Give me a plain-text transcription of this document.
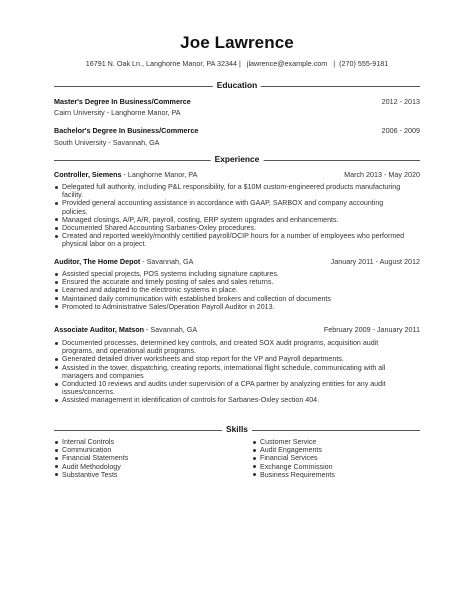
Joe Lawrence
16791 N. Oak Ln., Langhorne Manor, PA 32344 |   jlawrence@example.com   |  (270) 555-9181
Education
Master's Degree In Business/Commerce	2012 - 2013
Cairn University - Langhorne Manor, PA
Bachelor's Degree In Business/Commerce	2006 - 2009
South University - Savannah, GA
Experience
Controller, Siemens - Langhorne Manor, PA	March 2013 - May 2020
Delegated full authority, including P&L responsibility, for a $10M custom-engineered products manufacturing facility.
Provided general accounting assistance in accordance with GAAP, SARBOX and company accounting policies.
Managed closings, A/P, A/R, payroll, costing, ERP system upgrades and enhancements.
Documented Shared Accounting Sarbanes-Oxley procedures.
Created and reported weekly/monthly certified payroll/OCIP hours for a number of employees who performed physical labor on a project.
Auditor, The Home Depot - Savannah, GA	January 2011 - August 2012
Assisted special projects, POS systems including signature captures.
Ensured the accurate and timely posting of sales and sales returns.
Learned and adapted to the electronic systems in place.
Maintained daily communication with established brokers and collection of documents
Promoted to Administrative Sales/Operation Payroll Auditor in 2013.
Associate Auditor, Matson - Savannah, GA	February 2009 - January 2011
Documented processes, determined key controls, and created SOX audit programs, acquisition audit programs, and operational audit programs.
Generated detailed driver worksheets and stop report for the VP and Payroll departments.
Assisted in the tower, dispatching, creating reports, international flight schedule, communicating with all managers and companies
Conducted 10 reviews and audits under supervision of a CPA partner by analyzing entities for any audit issues/concerns.
Assisted management in identification of controls for Sarbanes-Oxley section 404.
Skills
Internal Controls
Communication
Financial Statements
Audit Methodology
Substantive Tests
Customer Service
Audit Engagements
Financial Services
Exchange Commission
Business Requirements
